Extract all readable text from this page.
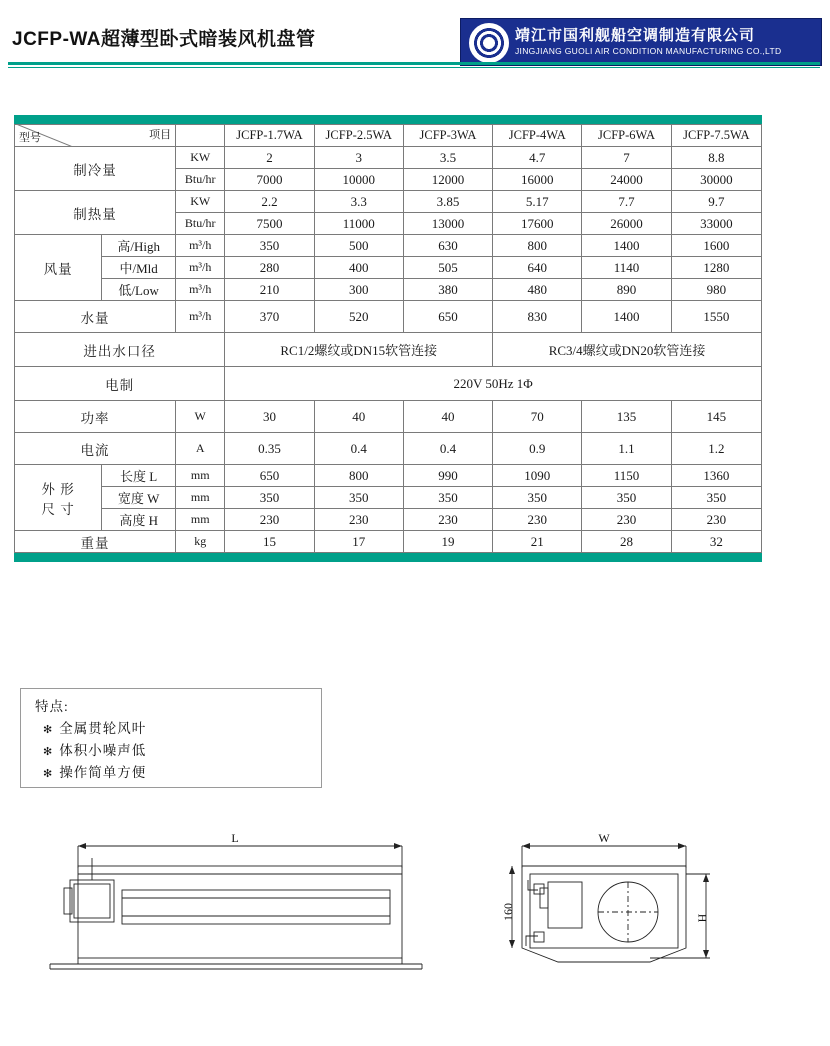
JCFP-WA超薄型卧式暗装风机盘管	靖江市国利舰船空调制造有限公司
JINGJIANG GUOLI AIR CONDITION MANUFACTURING CO.,LTD
项目
型号			JCFP-1.7WA	JCFP-2.5WA	JCFP-3WA	JCFP-4WA	JCFP-6WA	JCFP-7.5WA
制冷量		KW	2	3	3.5	4.7	7	8.8
		Btu/hr	7000	10000	12000	16000	24000	30000
制热量		KW	2.2	3.3	3.85	5.17	7.7	9.7
		Btu/hr	7500	11000	13000	17600	26000	33000
风量	高/High	m³/h	350	500	630	800	1400	1600
	中/Mld	m³/h	280	400	505	640	1140	1280
	低/Low	m³/h	210	300	380	480	890	980
水量		m³/h	370	520	650	830	1400	1550
进出水口径			RC1/2螺纹或DN15软管连接			RC3/4螺纹或DN20软管连接		
电制			220V 50Hz 1Φ					
功率		W	30	40	40	70	135	145
电流		A	0.35	0.4	0.4	0.9	1.1	1.2
外 形
尺 寸	长度 L	mm	650	800	990	1090	1150	1360
	宽度 W	mm	350	350	350	350	350	350
	高度 H	mm	230	230	230	230	230	230
重量		kg	15	17	19	21	28	32
特点:
✻ 全属贯轮风叶
✻ 体积小噪声低
✻ 操作简单方便
L	W
160	H
